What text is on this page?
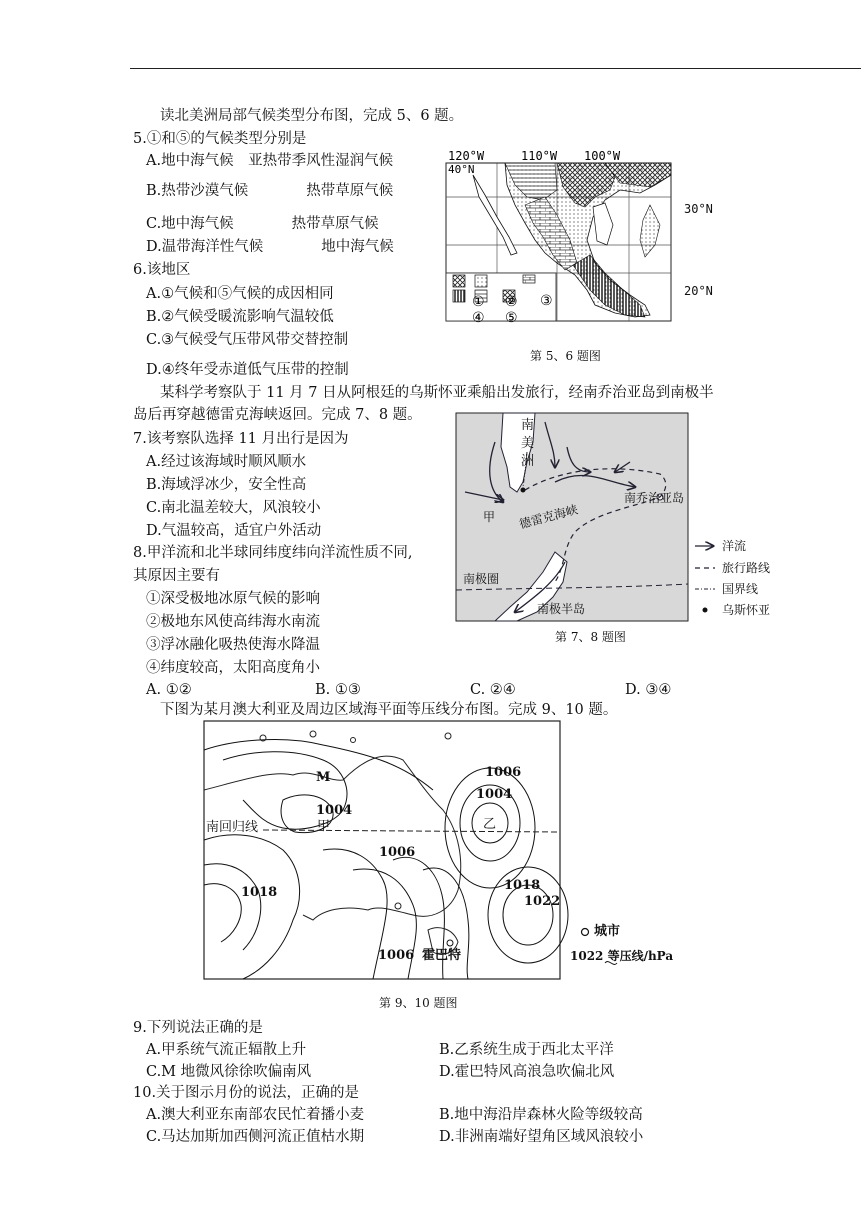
读北美洲局部气候类型分布图，完成 5、6 题。
5.①和⑤的气候类型分别是
A.地中海气候　亚热带季风性湿润气候
B.热带沙漠气候　　　　热带草原气候
C.地中海气候　　　　热带草原气候
D.温带海洋性气候　　　　地中海气候
6.该地区
A.①气候和⑤气候的成因相同
B.②气候受暖流影响气温较低
C.③气候受气压带风带交替控制
D.④终年受赤道低气压带的控制
① ② ③
④ ⑤
120°W	110°W 100°W
40°N
30°N
20°N
第 5、6 题图
某科学考察队于 11 月 7 日从阿根廷的乌斯怀亚乘船出发旅行，经南乔治亚岛到南极半
岛后再穿越德雷克海峡返回。完成 7、8 题。
7.该考察队选择 11 月出行是因为
A.经过该海域时顺风顺水
B.海域浮冰少，安全性高
C.南北温差较大，风浪较小
D.气温较高，适宜户外活动
8.甲洋流和北半球同纬度纬向洋流性质不同,
其原因主要有
①深受极地冰原气候的影响
②极地东风使高纬海水南流
③浮冰融化吸热使海水降温
④纬度较高，太阳高度角小
A. ①②	B. ①③	C. ②④	D. ③④
南
美
洲
南乔治亚岛
甲 德雷克海峡
南极圈
南极半岛
洋流
旅行路线
国界线
乌斯怀亚
第 7、8 题图
下图为某月澳大利亚及周边区域海平面等压线分布图。完成 9、10 题。
M	1006
1004
1004
甲	乙
南回归线
1006
1018	1018
1022
1006 霍巴特
城市
1022 等压线/hPa
第 9、10 题图
9.下列说法正确的是
A.甲系统气流正辐散上升	B.乙系统生成于西北太平洋
C.M 地微风徐徐吹偏南风	D.霍巴特风高浪急吹偏北风
10.关于图示月份的说法，正确的是
A.澳大利亚东南部农民忙着播小麦	B.地中海沿岸森林火险等级较高
C.马达加斯加西侧河流正值枯水期	D.非洲南端好望角区域风浪较小
